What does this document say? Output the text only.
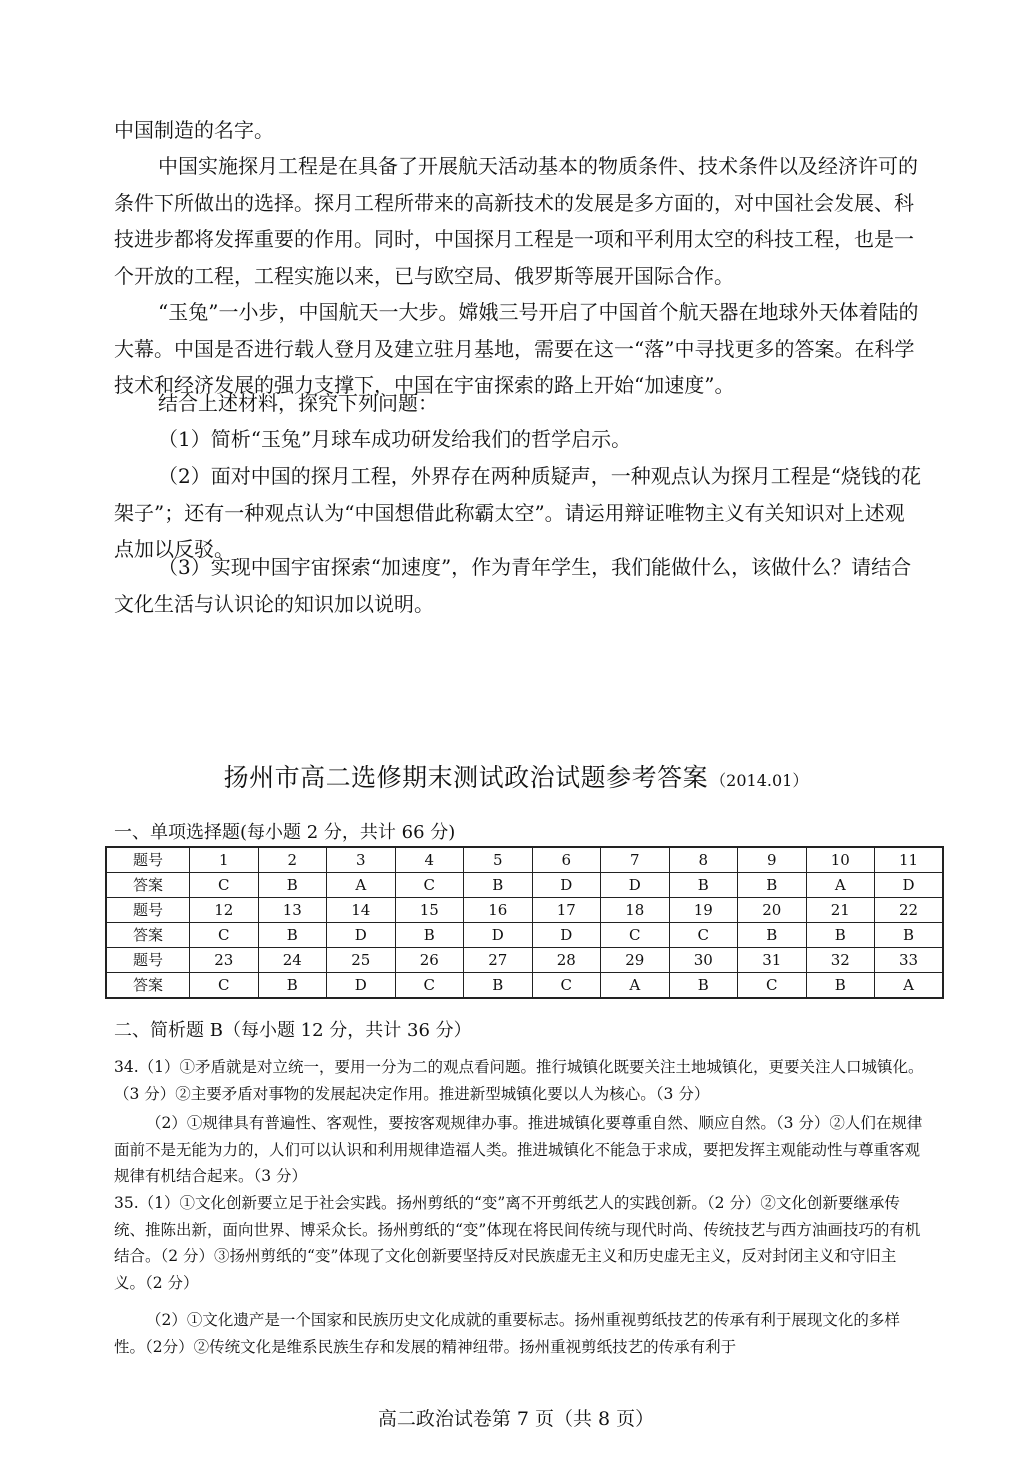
中国制造的名字。

中国实施探月工程是在具备了开展航天活动基本的物质条件、技术条件以及经济许可的条件下所做出的选择。探月工程所带来的高新技术的发展是多方面的，对中国社会发展、科技进步都将发挥重要的作用。同时，中国探月工程是一项和平利用太空的科技工程，也是一个开放的工程，工程实施以来，已与欧空局、俄罗斯等展开国际合作。

“玉兔”一小步，中国航天一大步。嫦娥三号开启了中国首个航天器在地球外天体着陆的大幕。中国是否进行载人登月及建立驻月基地，需要在这一“落”中寻找更多的答案。在科学技术和经济发展的强力支撑下，中国在宇宙探索的路上开始“加速度”。

结合上述材料，探究下列问题：

（1）简析“玉兔”月球车成功研发给我们的哲学启示。

（2）面对中国的探月工程，外界存在两种质疑声，一种观点认为探月工程是“烧钱的花架子”；还有一种观点认为“中国想借此称霸太空”。请运用辩证唯物主义有关知识对上述观点加以反驳。

（3）实现中国宇宙探索“加速度”，作为青年学生，我们能做什么，该做什么？请结合文化生活与认识论的知识加以说明。

扬州市高二选修期末测试政治试题参考答案 （2014.01）
一、单项选择题(每小题 2 分，共计 66 分)
题号	1	2	3	4	5	6	7	8	9	10	11
答案	C	B	A	C	B	D	D	B	B	A	D
题号	12	13	14	15	16	17	18	19	20	21	22
答案	C	B	D	B	D	D	C	C	B	B	B
题号	23	24	25	26	27	28	29	30	31	32	33
答案	C	B	D	C	B	C	A	B	C	B	A
二、简析题 B（每小题 12 分，共计 36 分）

34.（1）①矛盾就是对立统一，要用一分为二的观点看问题。推行城镇化既要关注土地城镇化，更要关注人口城镇化。（3 分）②主要矛盾对事物的发展起决定作用。推进新型城镇化要以人为核心。（3 分）

（2）①规律具有普遍性、客观性，要按客观规律办事。推进城镇化要尊重自然、顺应自然。（3 分）②人们在规律面前不是无能为力的，人们可以认识和利用规律造福人类。推进城镇化不能急于求成，要把发挥主观能动性与尊重客观规律有机结合起来。（3 分）

35.（1）①文化创新要立足于社会实践。扬州剪纸的“变”离不开剪纸艺人的实践创新。（2 分）②文化创新要继承传统、推陈出新，面向世界、博采众长。扬州剪纸的“变”体现在将民间传统与现代时尚、传统技艺与西方油画技巧的有机结合。（2 分）③扬州剪纸的“变”体现了文化创新要坚持反对民族虚无主义和历史虚无主义，反对封闭主义和守旧主义。（2 分）

（2）①文化遗产是一个国家和民族历史文化成就的重要标志。扬州重视剪纸技艺的传承有利于展现文化的多样性。（2分）②传统文化是维系民族生存和发展的精神纽带。扬州重视剪纸技艺的传承有利于

高二政治试卷第 7 页（共 8 页）
